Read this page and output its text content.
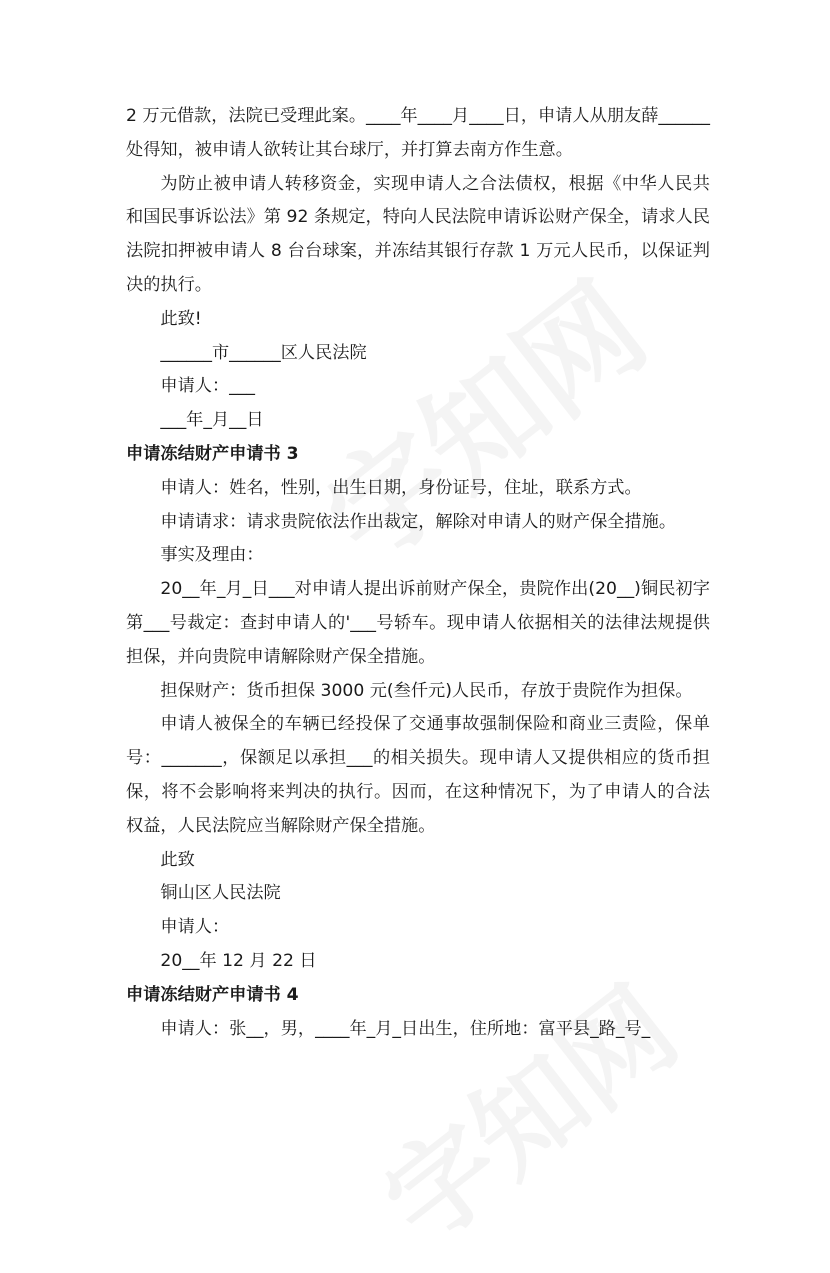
2 万元借款，法院已受理此案。____年____月____日，申请人从朋友薛______处得知，被申请人欲转让其台球厅，并打算去南方作生意。

为防止被申请人转移资金，实现申请人之合法债权，根据《中华人民共和国民事诉讼法》第 92 条规定，特向人民法院申请诉讼财产保全，请求人民法院扣押被申请人 8 台台球案，并冻结其银行存款 1 万元人民币，以保证判决的执行。

此致!

______市______区人民法院

申请人：___

___年_月__日

申请冻结财产申请书 3

申请人：姓名，性别，出生日期，身份证号，住址，联系方式。

申请请求：请求贵院依法作出裁定，解除对申请人的财产保全措施。

事实及理由：

20__年_月_日___对申请人提出诉前财产保全，贵院作出(20__)铜民初字第___号裁定：查封申请人的'___号轿车。现申请人依据相关的法律法规提供担保，并向贵院申请解除财产保全措施。

担保财产：货币担保 3000 元(叁仟元)人民币，存放于贵院作为担保。

申请人被保全的车辆已经投保了交通事故强制保险和商业三责险，保单号：_______，保额足以承担___的相关损失。现申请人又提供相应的货币担保，将不会影响将来判决的执行。因而，在这种情况下，为了申请人的合法权益，人民法院应当解除财产保全措施。

此致

铜山区人民法院

申请人：

20__年 12 月 22 日

申请冻结财产申请书 4

申请人：张__，男，____年_月_日出生，住所地：富平县_路_号_
